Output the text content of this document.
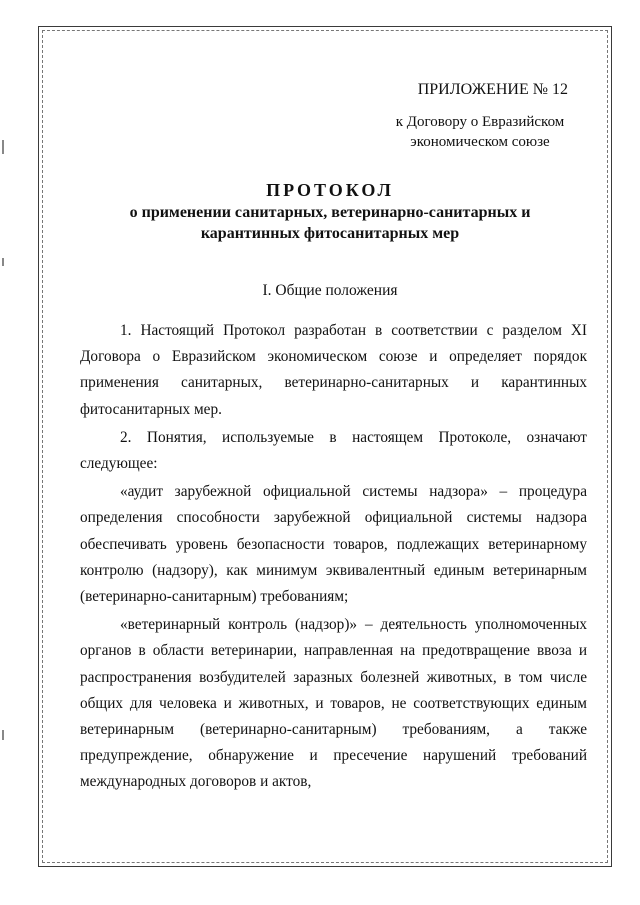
ПРИЛОЖЕНИЕ № 12
к Договору о Евразийском
экономическом союзе
ПРОТОКОЛ
о применении санитарных, ветеринарно-санитарных и
карантинных фитосанитарных мер
I. Общие положения

1. Настоящий Протокол разработан в соответствии с разделом XI Договора о Евразийском экономическом союзе и определяет порядок применения санитарных, ветеринарно-санитарных и карантинных фитосанитарных мер.

2. Понятия, используемые в настоящем Протоколе, означают следующее:

«аудит зарубежной официальной системы надзора» – процедура определения способности зарубежной официальной системы надзора обеспечивать уровень безопасности товаров, подлежащих ветеринарному контролю (надзору), как минимум эквивалентный единым ветеринарным (ветеринарно-санитарным) требованиям;

«ветеринарный контроль (надзор)» – деятельность уполномоченных органов в области ветеринарии, направленная на предотвращение ввоза и распространения возбудителей заразных болезней животных, в том числе общих для человека и животных, и товаров, не соответствующих единым ветеринарным (ветеринарно-санитарным) требованиям, а также предупреждение, обнаружение и пресечение нарушений требований международных договоров и актов,
